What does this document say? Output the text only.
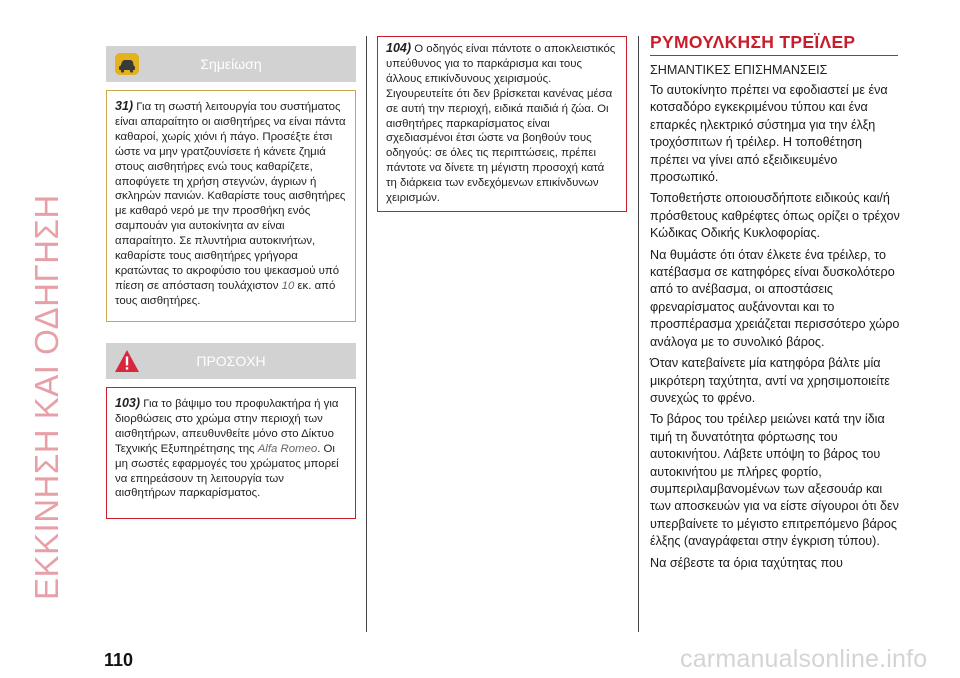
ΕΚΚΙΝΗΣΗ ΚΑΙ ΟΔΗΓΗΣΗ
Σημείωση
31) Για τη σωστή λειτουργία του συστήματος είναι απαραίτητο οι αισθητήρες να είναι πάντα καθαροί, χωρίς χιόνι ή πάγο. Προσέξτε έτσι ώστε να μην γρατζουνίσετε ή κάνετε ζημιά στους αισθητήρες ενώ τους καθαρίζετε, αποφύγετε τη χρήση στεγνών, άγριων ή σκληρών πανιών. Καθαρίστε τους αισθητήρες με καθαρό νερό με την προσθήκη ενός σαμπουάν για αυτοκίνητα αν είναι απαραίτητο. Σε πλυντήρια αυτοκινήτων, καθαρίστε τους αισθητήρες γρήγορα κρατώντας το ακροφύσιο του ψεκασμού υπό πίεση σε απόσταση τουλάχιστον 10 εκ. από τους αισθητήρες.
ΠΡΟΣΟΧΗ
103) Για το βάψιμο του προφυλακτήρα ή για διορθώσεις στο χρώμα στην περιοχή των αισθητήρων, απευθυνθείτε μόνο στο Δίκτυο Τεχνικής Εξυπηρέτησης της Alfa Romeo. Οι μη σωστές εφαρμογές του χρώματος μπορεί να επηρεάσουν τη λειτουργία των αισθητήρων παρκαρίσματος.
104) Ο οδηγός είναι πάντοτε ο αποκλειστικός υπεύθυνος για το παρκάρισμα και τους άλλους επικίνδυνους χειρισμούς. Σιγουρευτείτε ότι δεν βρίσκεται κανένας μέσα σε αυτή την περιοχή, ειδικά παιδιά ή ζώα. Οι αισθητήρες παρκαρίσματος είναι σχεδιασμένοι έτσι ώστε να βοηθούν τους οδηγούς: σε όλες τις περιπτώσεις, πρέπει πάντοτε να δίνετε τη μέγιστη προσοχή κατά τη διάρκεια των ενδεχόμενων επικίνδυνων χειρισμών.
ΡΥΜΟΥΛΚΗΣΗ ΤΡΕΪΛΕΡ
ΣΗΜΑΝΤΙΚΕΣ ΕΠΙΣΗΜΑΝΣΕΙΣ

Το αυτοκίνητο πρέπει να εφοδιαστεί με ένα κοτσαδόρο εγκεκριμένου τύπου και ένα επαρκές ηλεκτρικό σύστημα για την έλξη τροχόσπιτων ή τρέιλερ. Η τοποθέτηση πρέπει να γίνει από εξειδικευμένο προσωπικό.

Τοποθετήστε οποιουσδήποτε ειδικούς και/ή πρόσθετους καθρέφτες όπως ορίζει ο τρέχον Κώδικας Οδικής Κυκλοφορίας.

Να θυμάστε ότι όταν έλκετε ένα τρέιλερ, το κατέβασμα σε κατηφόρες είναι δυσκολότερο από το ανέβασμα, οι αποστάσεις φρεναρίσματος αυξάνονται και το προσπέρασμα χρειάζεται περισσότερο χώρο ανάλογα με το συνολικό βάρος.

Όταν κατεβαίνετε μία κατηφόρα βάλτε μία μικρότερη ταχύτητα, αντί να χρησιμοποιείτε συνεχώς το φρένο.

Το βάρος του τρέιλερ μειώνει κατά την ίδια τιμή τη δυνατότητα φόρτωσης του αυτοκινήτου. Λάβετε υπόψη το βάρος του αυτοκινήτου με πλήρες φορτίο, συμπεριλαμβανομένων των αξεσουάρ και των αποσκευών για να είστε σίγουροι ότι δεν υπερβαίνετε το μέγιστο επιτρεπόμενο βάρος έλξης (αναγράφεται στην έγκριση τύπου).

Να σέβεστε τα όρια ταχύτητας που

110	carmanualsonline.info
